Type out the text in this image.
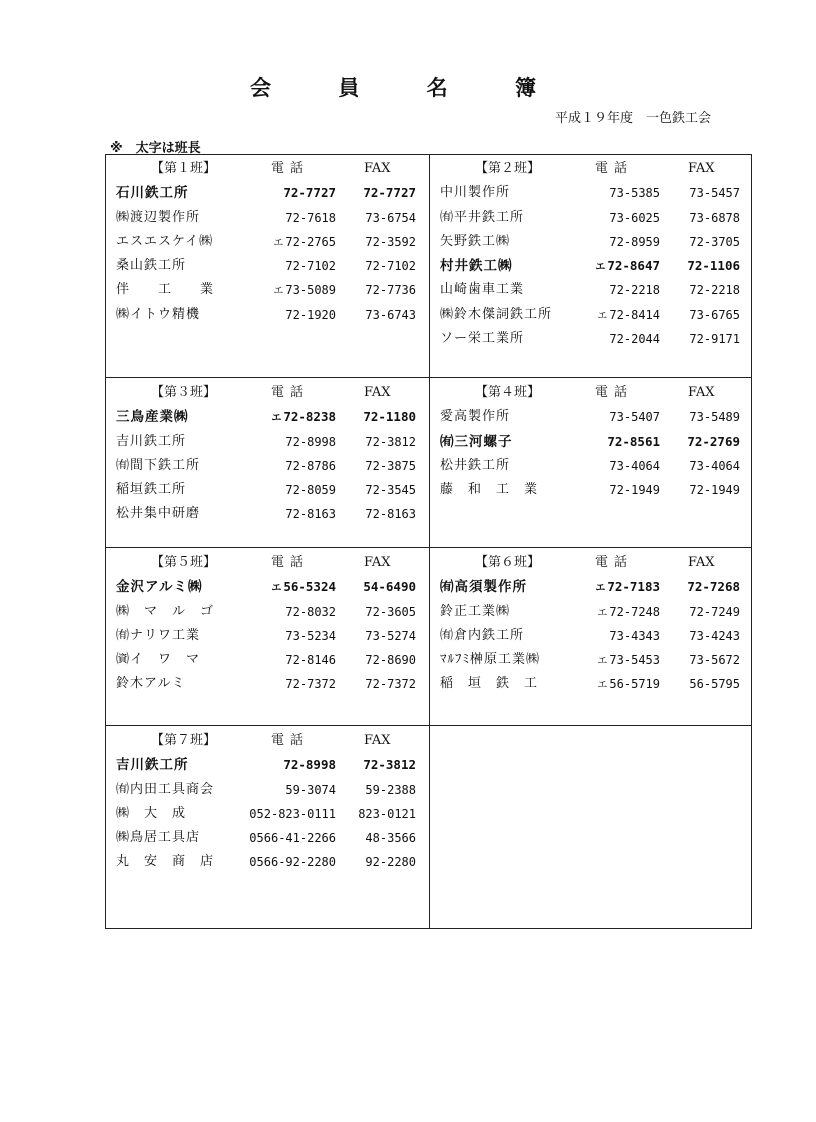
会 員 名 簿
平成１９年度　一色鉄工会
※　太字は班長
【第１班】	電話	FAX
石川鉄工所	72-7727 72-7727
㈱渡辺製作所	72-7618 73-6754
エスエスケイ㈱	エ 72-2765 72-3592
桑山鉄工所	72-7102 72-7102
伴　　工　　業	エ 73-5089 72-7736
㈱イトウ精機	72-1920 73-6743
【第２班】	電話	FAX
中川製作所	73-5385 73-5457
㈲平井鉄工所	73-6025 73-6878
矢野鉄工㈱	72-8959 72-3705
村井鉄工㈱	エ 72-8647 72-1106
山崎歯車工業	72-2218 72-2218
㈱鈴木傑詞鉄工所	エ 72-8414 73-6765
ソー栄工業所	72-2044 72-9171
【第３班】	電話	FAX
三鳥産業㈱	エ 72-8238 72-1180
吉川鉄工所	72-8998 72-3812
㈲間下鉄工所	72-8786 72-3875
稲垣鉄工所	72-8059 72-3545
松井集中研磨	72-8163 72-8163
【第４班】	電話	FAX
愛高製作所	73-5407 73-5489
㈲三河螺子	72-8561 72-2769
松井鉄工所	73-4064 73-4064
藤　和　工　業	72-1949 72-1949
【第５班】	電話	FAX
金沢アルミ㈱	エ 56-5324 54-6490
㈱　マ　ル　ゴ	72-8032 72-3605
㈲ナリワ工業	73-5234 73-5274
㈾イ　ワ　マ	72-8146 72-8690
鈴木アルミ	72-7372 72-7372
【第６班】	電話	FAX
㈲高須製作所	エ 72-7183 72-7268
鈴正工業㈱	エ 72-7248 72-7249
㈲倉内鉄工所	73-4343 73-4243
ﾏﾙﾌﾐ榊原工業㈱	エ 73-5453 73-5672
稲　垣　鉄　工	エ 56-5719 56-5795
【第７班】	電話	FAX
吉川鉄工所	72-8998 72-3812
㈲内田工具商会	59-3074 59-2388
㈱　大　成	052-823-0111 823-0121
㈱鳥居工具店	0566-41-2266 48-3566
丸　安　商　店	0566-92-2280 92-2280
